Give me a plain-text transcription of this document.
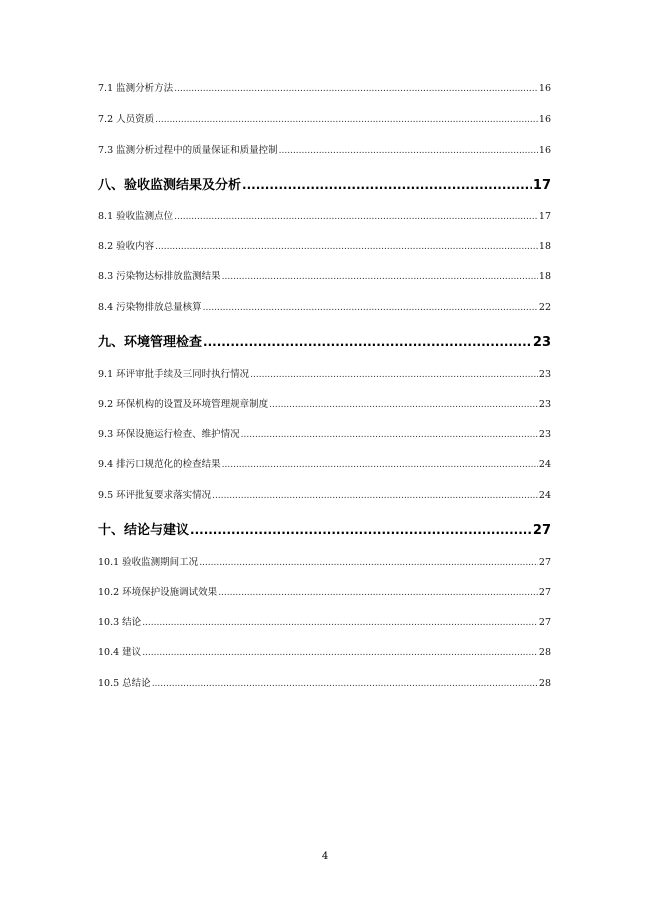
7.1 监测分析方法 .....	16
7.2 人员资质 .....	16
7.3 监测分析过程中的质量保证和质量控制 .....	16
八、验收监测结果及分析 .....	17
8.1 验收监测点位 .....	17
8.2 验收内容 .....	18
8.3 污染物达标排放监测结果 .....	18
8.4 污染物排放总量核算 .....	22
九、环境管理检查 .....	23
9.1 环评审批手续及三同时执行情况 .....	23
9.2 环保机构的设置及环境管理规章制度 .....	23
9.3 环保设施运行检查、维护情况 .....	23
9.4 排污口规范化的检查结果 .....	24
9.5 环评批复要求落实情况 .....	24
十、结论与建议 .....	27
10.1 验收监测期间工况 .....	27
10.2 环境保护设施调试效果 .....	27
10.3 结论 .....	27
10.4 建议 .....	28
10.5 总结论 .....	28
4
